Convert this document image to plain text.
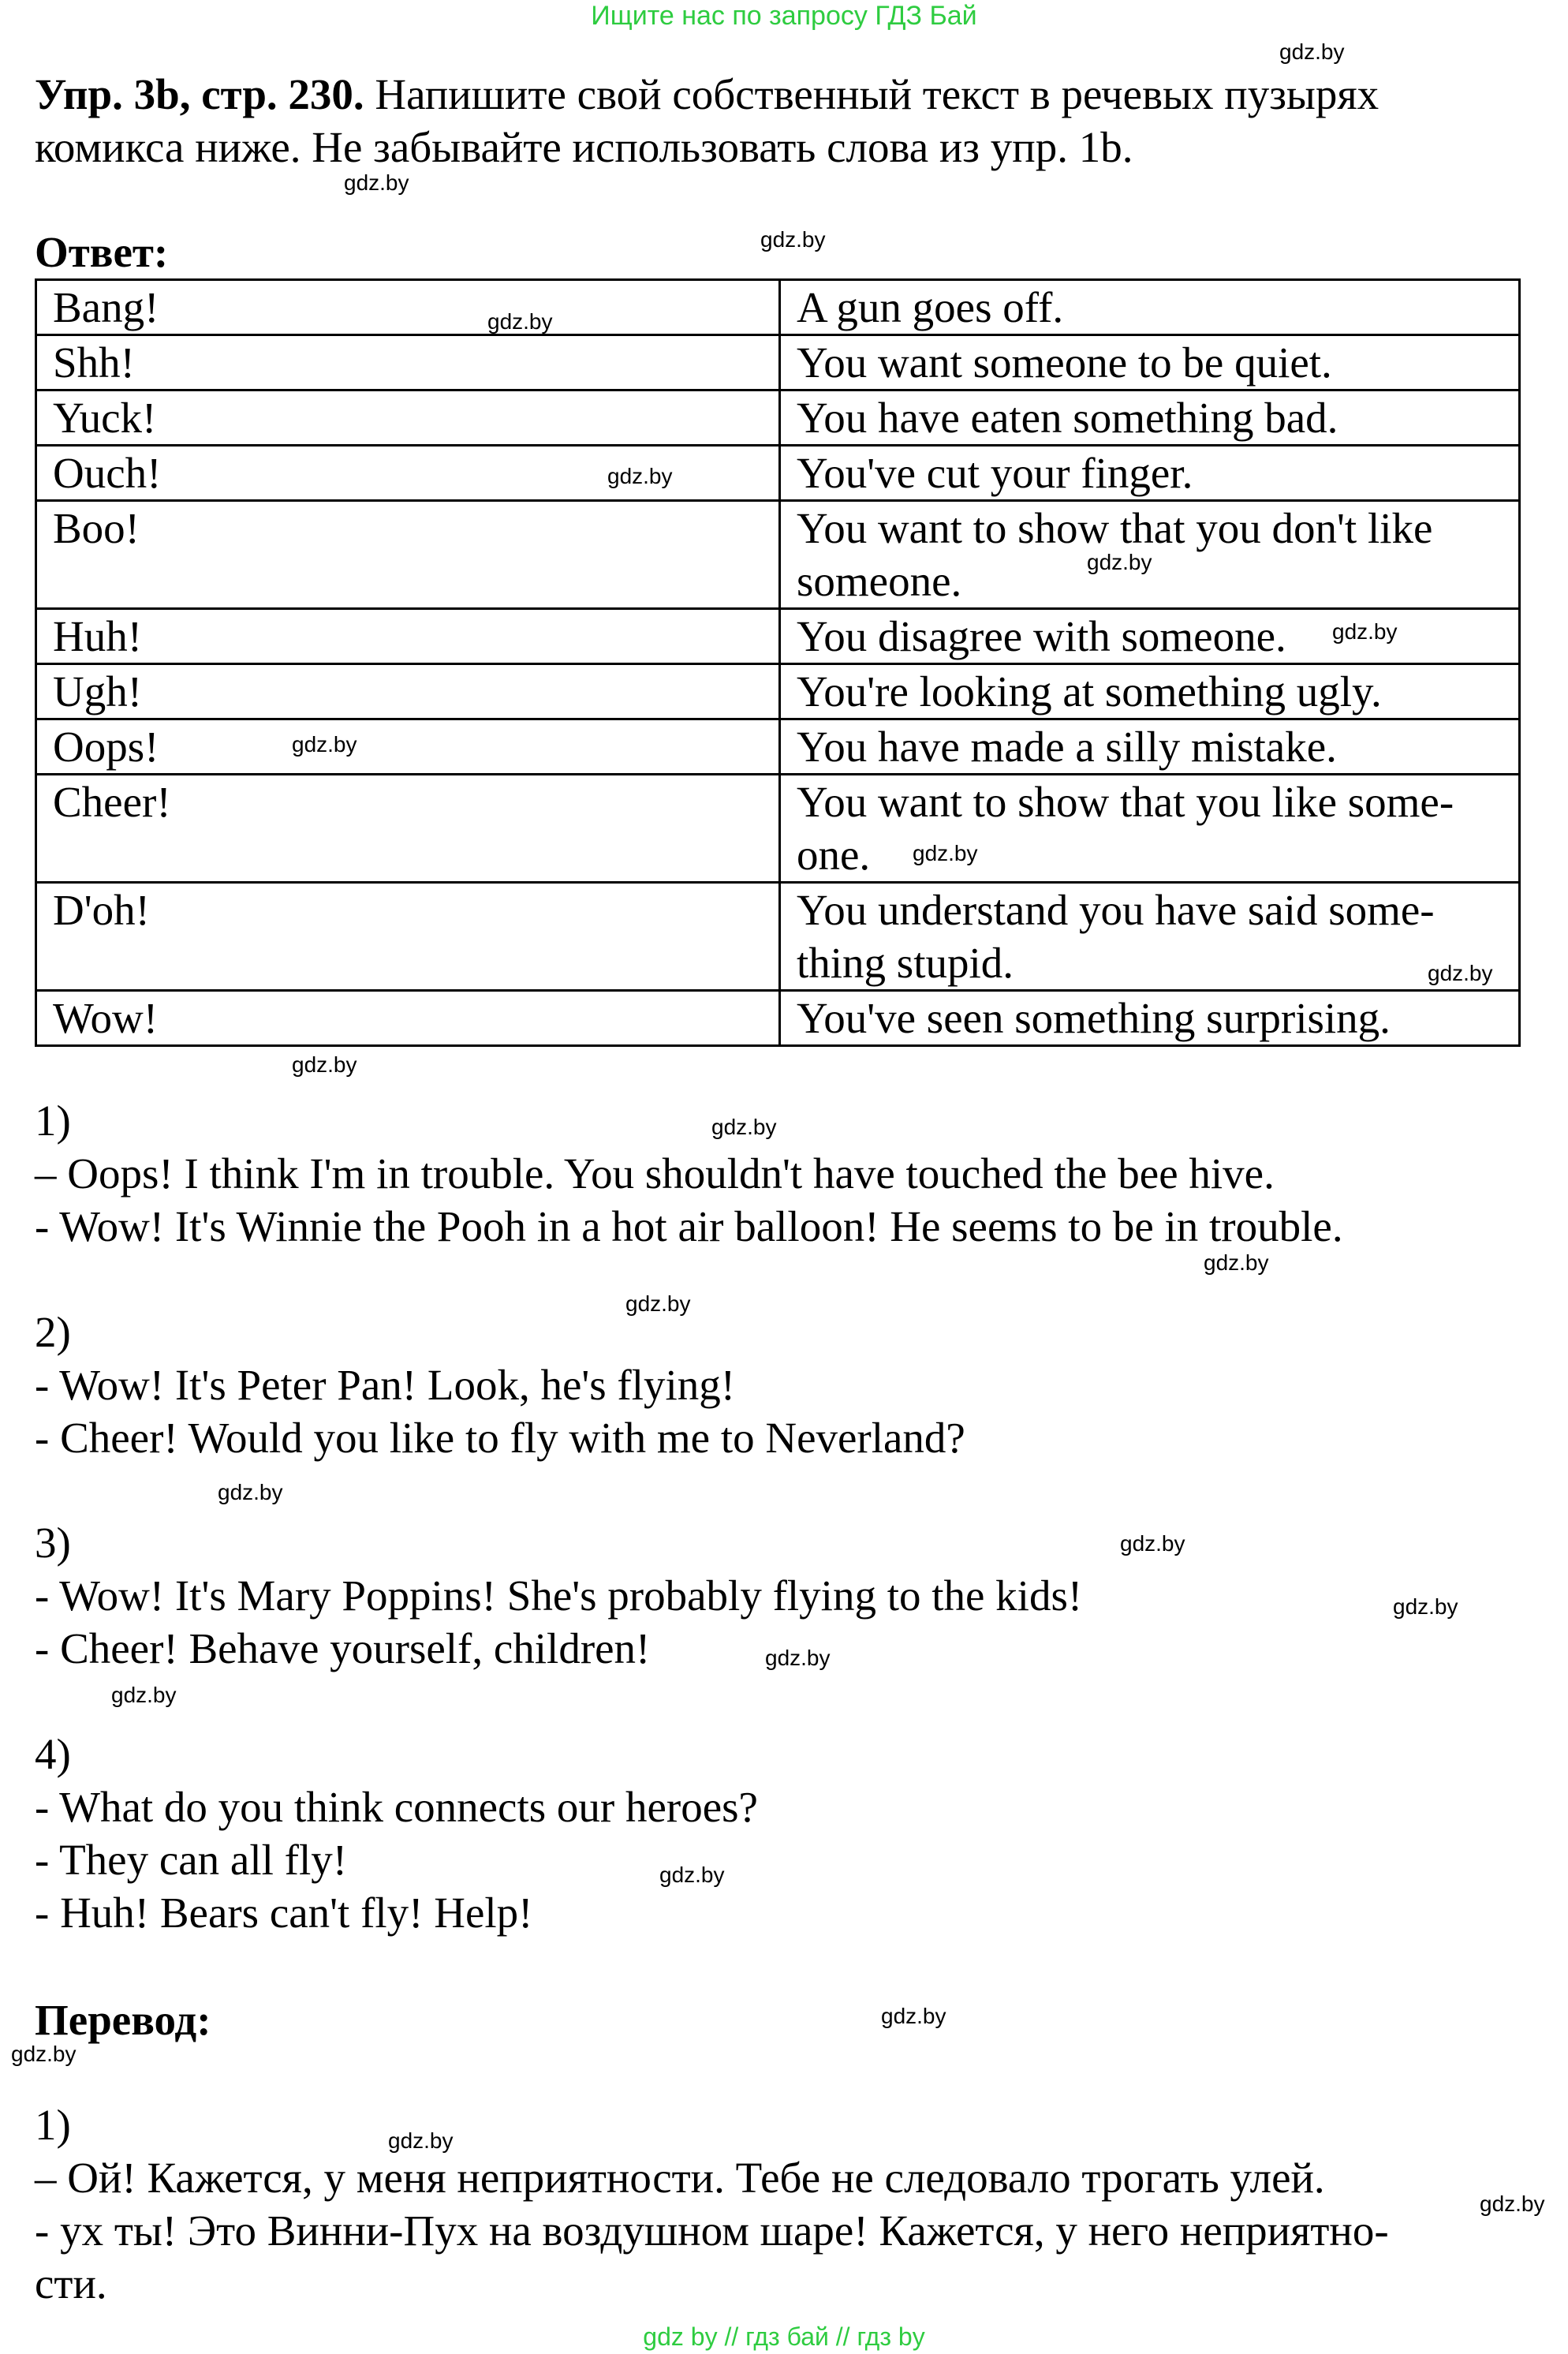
Ищите нас по запросу ГДЗ Бай
Упр. 3b, стр. 230. Напишите свой собственный текст в речевых пузырях комикса ниже. Не забывайте использовать слова из упр. 1b.
Ответ:
Bang!	A gun goes off.
Shh!	You want someone to be quiet.
Yuck!	You have eaten something bad.
Ouch!	You've cut your finger.
Boo!	You want to show that you don't like someone.
Huh!	You disagree with someone.
Ugh!	You're looking at something ugly.
Oops!	You have made a silly mistake.
Cheer!	You want to show that you like some-one.
D'oh!	You understand you have said some-thing stupid.
Wow!	You've seen something surprising.
1)
– Oops! I think I'm in trouble. You shouldn't have touched the bee hive.
- Wow! It's Winnie the Pooh in a hot air balloon! He seems to be in trouble.
2)
- Wow! It's Peter Pan! Look, he's flying!
- Cheer! Would you like to fly with me to Neverland?
3)
- Wow! It's Mary Poppins! She's probably flying to the kids!
- Cheer! Behave yourself, children!
4)
- What do you think connects our heroes?
- They can all fly!
- Huh! Bears can't fly! Help!
Перевод:
1)
– Ой! Кажется, у меня неприятности. Тебе не следовало трогать улей.
- ух ты! Это Винни-Пух на воздушном шаре! Кажется, у него неприятно-
сти.
gdz.by
gdz.by
gdz.by
gdz.by
gdz.by
gdz.by
gdz.by
gdz.by
gdz.by
gdz.by
gdz.by
gdz.by
gdz.by
gdz.by
gdz.by
gdz.by
gdz.by
gdz.by
gdz.by
gdz.by
gdz.by
gdz.by
gdz.by
gdz.by
gdz by // гдз бай // гдз by
